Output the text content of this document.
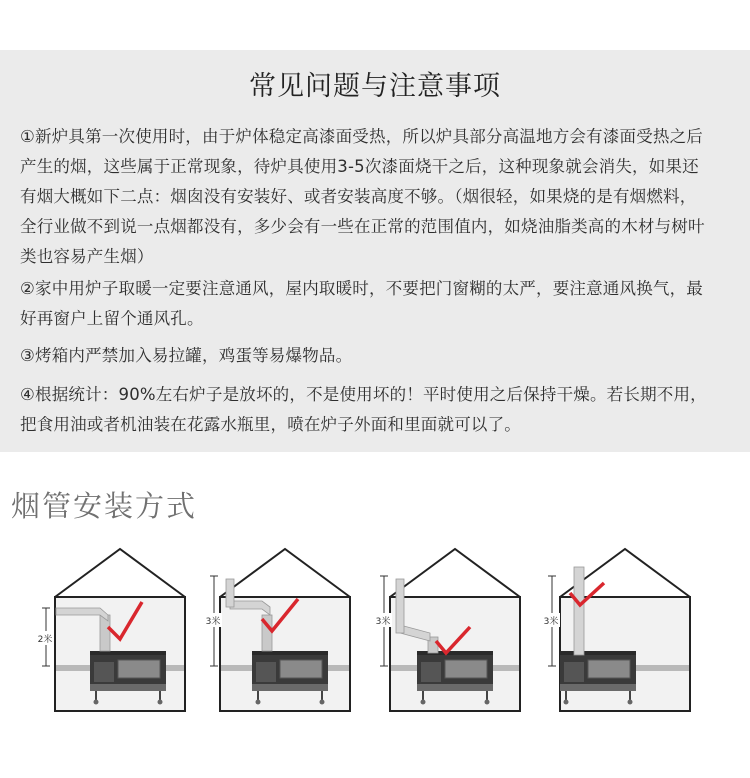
常见问题与注意事项
①新炉具第一次使用时，由于炉体稳定高漆面受热，所以炉具部分高温地方会有漆面受热之后产生的烟，这些属于正常现象，待炉具使用3-5次漆面烧干之后，这种现象就会消失，如果还有烟大概如下二点：烟囱没有安装好、或者安装高度不够。（烟很轻，如果烧的是有烟燃料，全行业做不到说一点烟都没有，多少会有一些在正常的范围值内，如烧油脂类高的木材与树叶类也容易产生烟）
②家中用炉子取暖一定要注意通风，屋内取暖时，不要把门窗糊的太严，要注意通风换气，最好再窗户上留个通风孔。
③烤箱内严禁加入易拉罐，鸡蛋等易爆物品。
④根据统计：90%左右炉子是放坏的，不是使用坏的！平时使用之后保持干燥。若长期不用，把食用油或者机油装在花露水瓶里，喷在炉子外面和里面就可以了。
烟管安装方式
2米
3米	3米	3米
